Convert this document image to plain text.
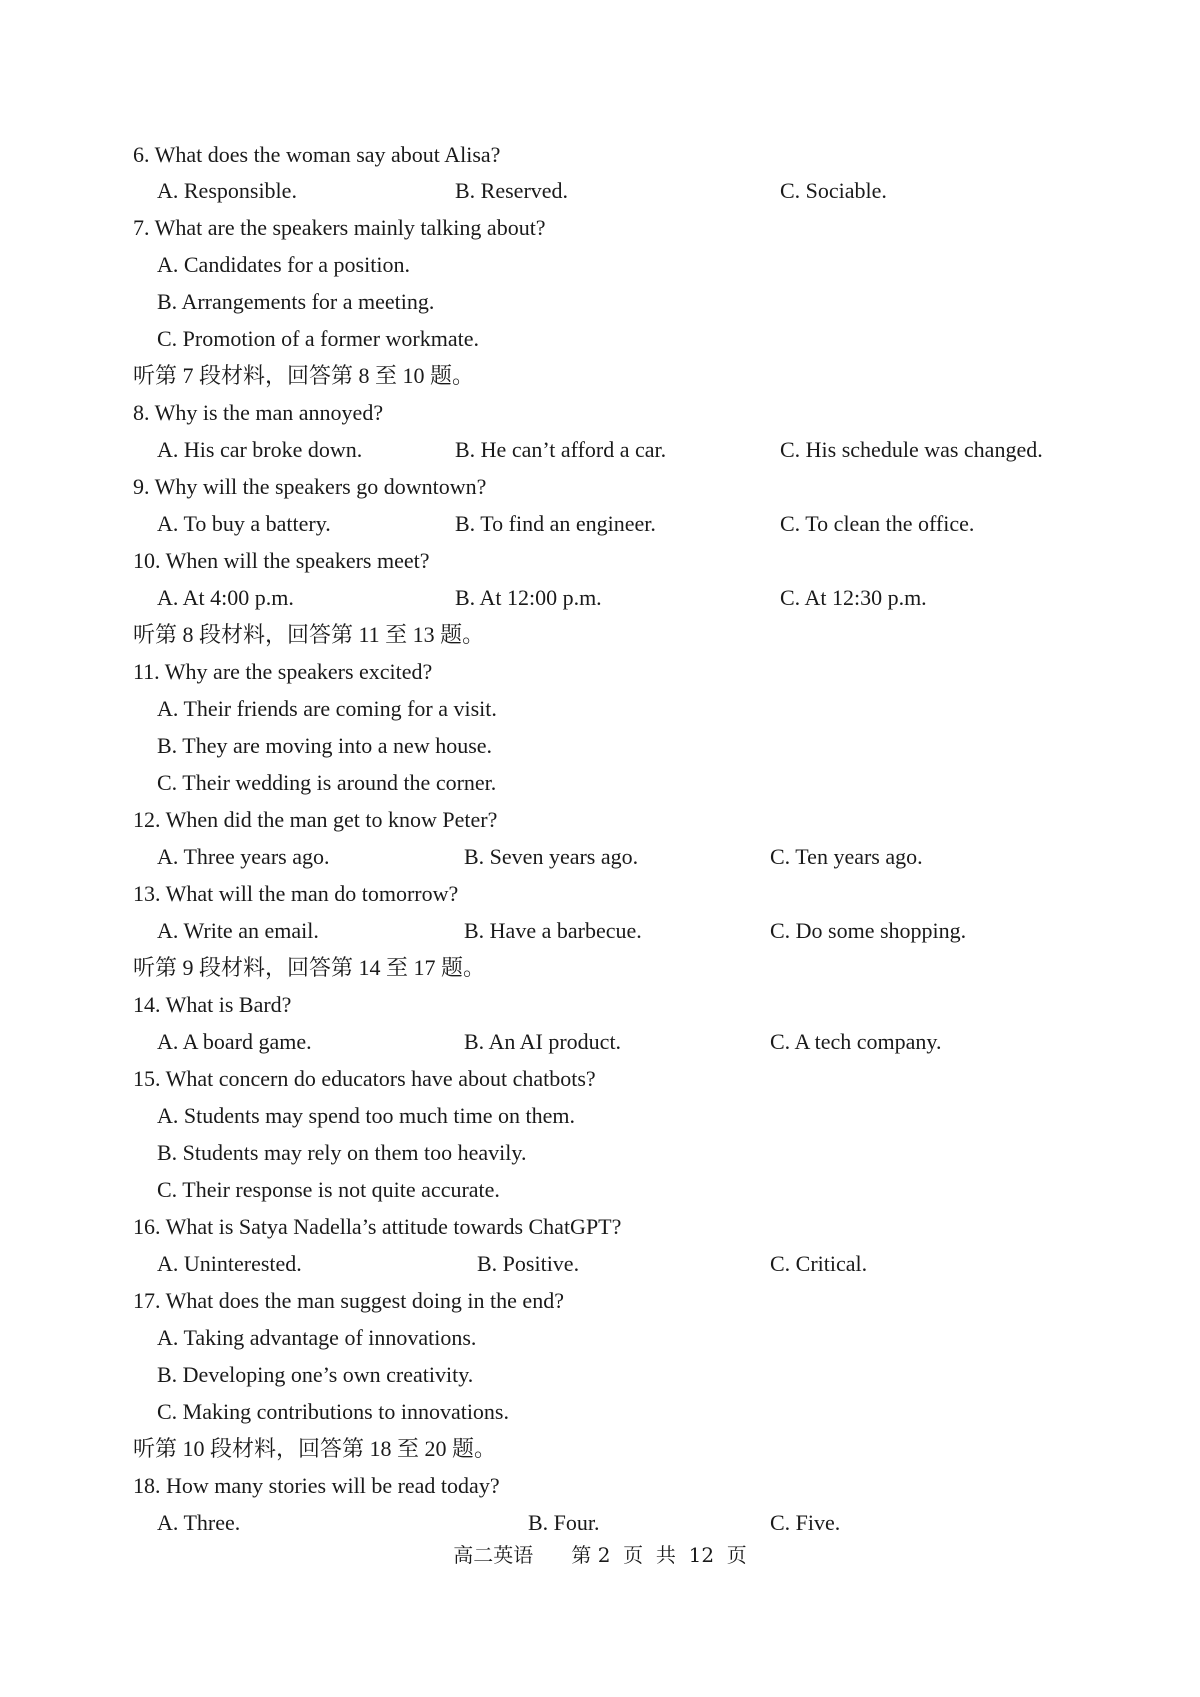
6. What does the woman say about Alisa?
A. Responsible.	B. Reserved.	C. Sociable.
7. What are the speakers mainly talking about?
A. Candidates for a position.
B. Arrangements for a meeting.
C. Promotion of a former workmate.
听第 7 段材料，回答第 8 至 10 题。
8. Why is the man annoyed?
A. His car broke down.	B. He can’t afford a car.	C. His schedule was changed.
9. Why will the speakers go downtown?
A. To buy a battery.	B. To find an engineer.	C. To clean the office.
10. When will the speakers meet?
A. At 4:00 p.m.	B. At 12:00 p.m.	C. At 12:30 p.m.
听第 8 段材料，回答第 11 至 13 题。
11. Why are the speakers excited?
A. Their friends are coming for a visit.
B. They are moving into a new house.
C. Their wedding is around the corner.
12. When did the man get to know Peter?
A. Three years ago.	B. Seven years ago.	C. Ten years ago.
13. What will the man do tomorrow?
A. Write an email.	B. Have a barbecue.	C. Do some shopping.
听第 9 段材料，回答第 14 至 17 题。
14. What is Bard?
A. A board game.	B. An AI product.	C. A tech company.
15. What concern do educators have about chatbots?
A. Students may spend too much time on them.
B. Students may rely on them too heavily.
C. Their response is not quite accurate.
16. What is Satya Nadella’s attitude towards ChatGPT?
A. Uninterested.	B. Positive.	C. Critical.
17. What does the man suggest doing in the end?
A. Taking advantage of innovations.
B. Developing one’s own creativity.
C. Making contributions to innovations.
听第 10 段材料，回答第 18 至 20 题。
18. How many stories will be read today?
A. Three.	B. Four.	C. Five.
高二英语      第 2  页  共  12  页
